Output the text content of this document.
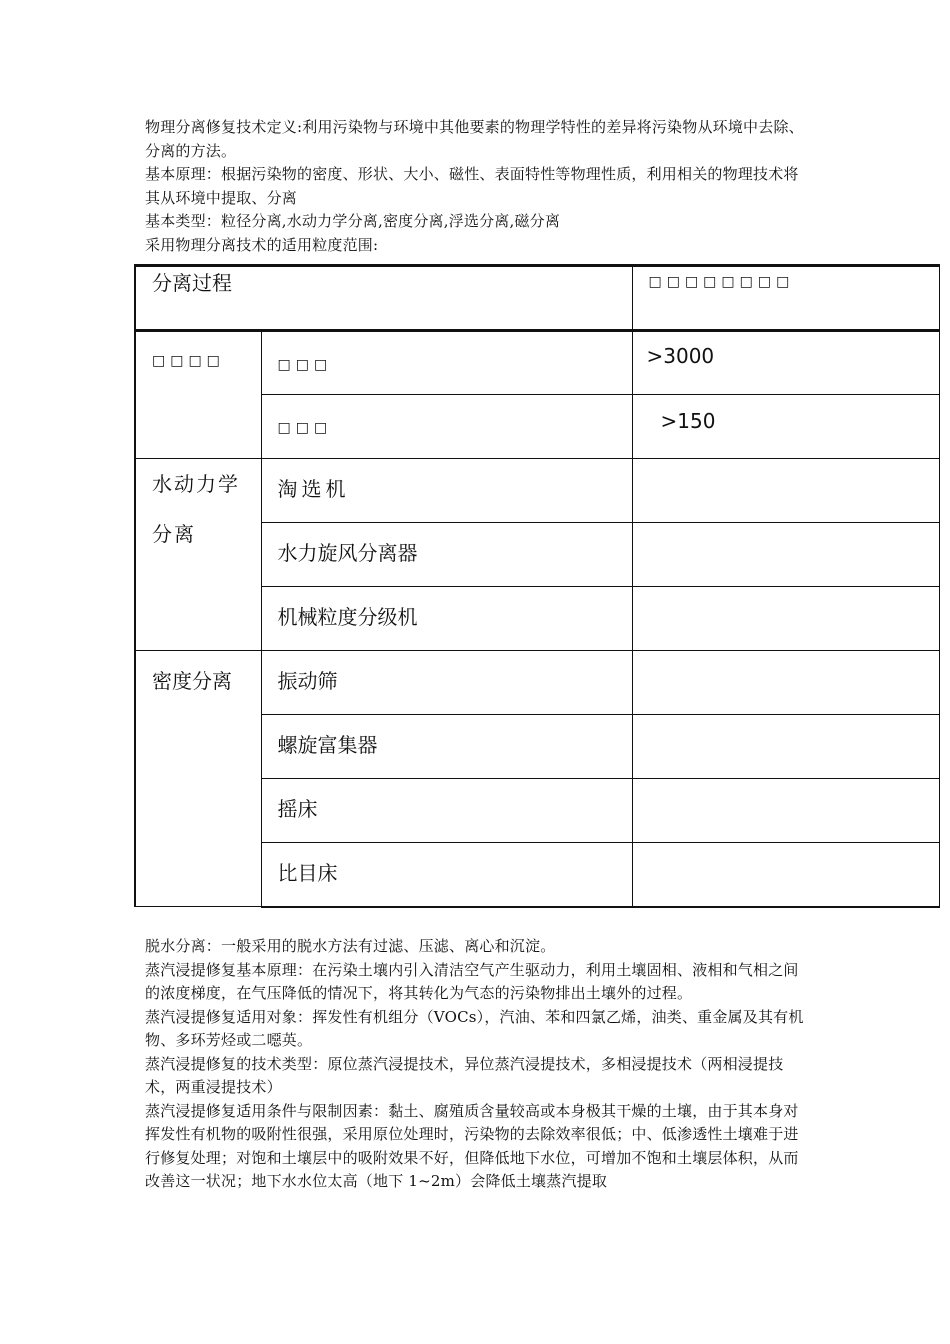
物理分离修复技术定义:利用污染物与环境中其他要素的物理学特性的差异将污染物从环境中去除、分离的方法。

基本原理：根据污染物的密度、形状、大小、磁性、表面特性等物理性质，利用相关的物理技术将其从环境中提取、分离

基本类型：粒径分离,水动力学分离,密度分离,浮选分离,磁分离

采用物理分离技术的适用粒度范围:

分离过程		□□□□□□□□

□□□□	□□□	>3000

	□□□	>150

水动力学分离	淘选机	

	水力旋风分离器	

	机械粒度分级机	

密度分离	振动筛	

	螺旋富集器	

	摇床	

	比目床	

脱水分离：一般采用的脱水方法有过滤、压滤、离心和沉淀。

蒸汽浸提修复基本原理：在污染土壤内引入清洁空气产生驱动力，利用土壤固相、液相和气相之间的浓度梯度，在气压降低的情况下，将其转化为气态的污染物排出土壤外的过程。

蒸汽浸提修复适用对象：挥发性有机组分（VOCs），汽油、苯和四氯乙烯，油类、重金属及其有机物、多环芳烃或二噁英。

蒸汽浸提修复的技术类型：原位蒸汽浸提技术，异位蒸汽浸提技术，多相浸提技术（两相浸提技术，两重浸提技术）

蒸汽浸提修复适用条件与限制因素：黏土、腐殖质含量较高或本身极其干燥的土壤，由于其本身对挥发性有机物的吸附性很强，采用原位处理时，污染物的去除效率很低；中、低渗透性土壤难于进行修复处理；对饱和土壤层中的吸附效果不好，但降低地下水位，可增加不饱和土壤层体积，从而改善这一状况；地下水水位太高（地下 1~2m）会降低土壤蒸汽提取
